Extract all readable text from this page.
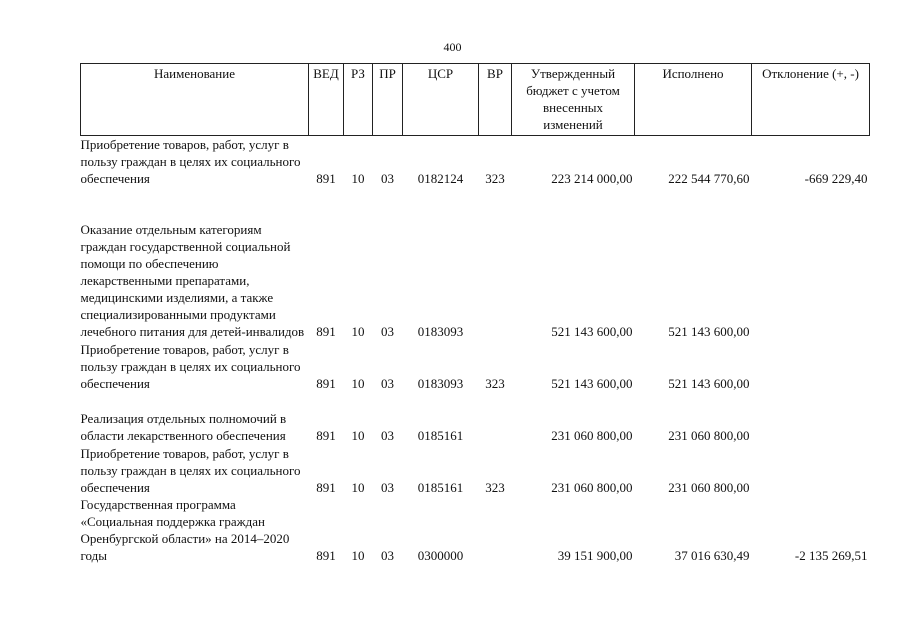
400
Наименование	ВЕД	РЗ	ПР	ЦСР	ВР	Утвержденный бюджет с учетом внесенных изменений	Исполнено	Отклонение (+, -)
Приобретение товаров, работ, услуг в пользу граждан в целях их социального обеспечения	891	10	03	0182124	323	223 214 000,00	222 544 770,60	-669 229,40
Оказание отдельным категориям граждан государственной социальной помощи по обеспечению лекарственными препаратами, медицинскими изделиями, а также специализированными продуктами лечебного питания для детей-инвалидов	891	10	03	0183093		521 143 600,00	521 143 600,00	
Приобретение товаров, работ, услуг в пользу граждан в целях их социального обеспечения	891	10	03	0183093	323	521 143 600,00	521 143 600,00	
Реализация отдельных полномочий в области лекарственного обеспечения	891	10	03	0185161		231 060 800,00	231 060 800,00	
Приобретение товаров, работ, услуг в пользу граждан в целях их социального обеспечения	891	10	03	0185161	323	231 060 800,00	231 060 800,00	
Государственная программа «Социальная поддержка граждан Оренбургской области» на 2014–2020 годы	891	10	03	0300000		39 151 900,00	37 016 630,49	-2 135 269,51
